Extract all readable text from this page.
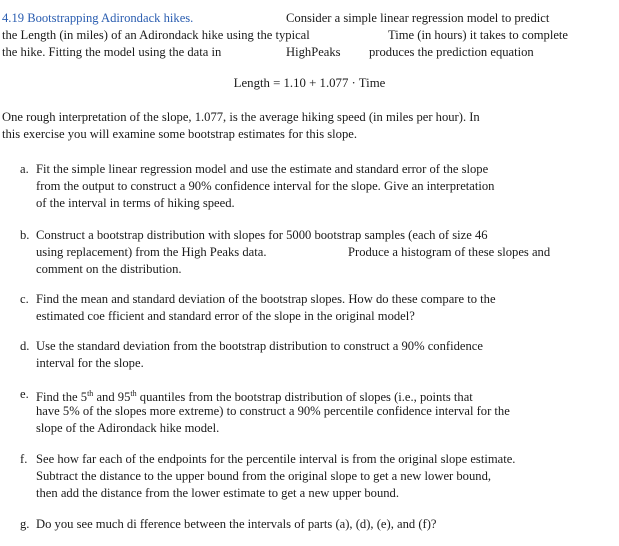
4.19 Bootstrapping Adirondack hikes.	Consider a simple linear regression model to predict
the Length (in miles) of an Adirondack hike using the typical	Time (in hours) it takes to complete
the hike. Fitting the model using the data in	HighPeaks produces the prediction equation
Length = 1.10 + 1.077 · Time
One rough interpretation of the slope, 1.077, is the average hiking speed (in miles per hour). In
this exercise you will examine some bootstrap estimates for this slope.
a. Fit the simple linear regression model and use the estimate and standard error of the slope
from the output to construct a 90% confidence interval for the slope. Give an interpretation
of the interval in terms of hiking speed.
b. Construct a bootstrap distribution with slopes for 5000 bootstrap samples (each of size 46
using replacement) from the High Peaks data.	Produce a histogram of these slopes and
comment on the distribution.
c. Find the mean and standard deviation of the bootstrap slopes. How do these compare to the
estimated coe fficient and standard error of the slope in the original model?
d. Use the standard deviation from the bootstrap distribution to construct a 90% confidence
interval for the slope.
e. Find the 5th and 95th quantiles from the bootstrap distribution of slopes (i.e., points that
have 5% of the slopes more extreme) to construct a 90% percentile confidence interval for the
slope of the Adirondack hike model.
f. See how far each of the endpoints for the percentile interval is from the original slope estimate.
Subtract the distance to the upper bound from the original slope to get a new lower bound,
then add the distance from the lower estimate to get a new upper bound.
g. Do you see much di fference between the intervals of parts (a), (d), (e), and (f)?
